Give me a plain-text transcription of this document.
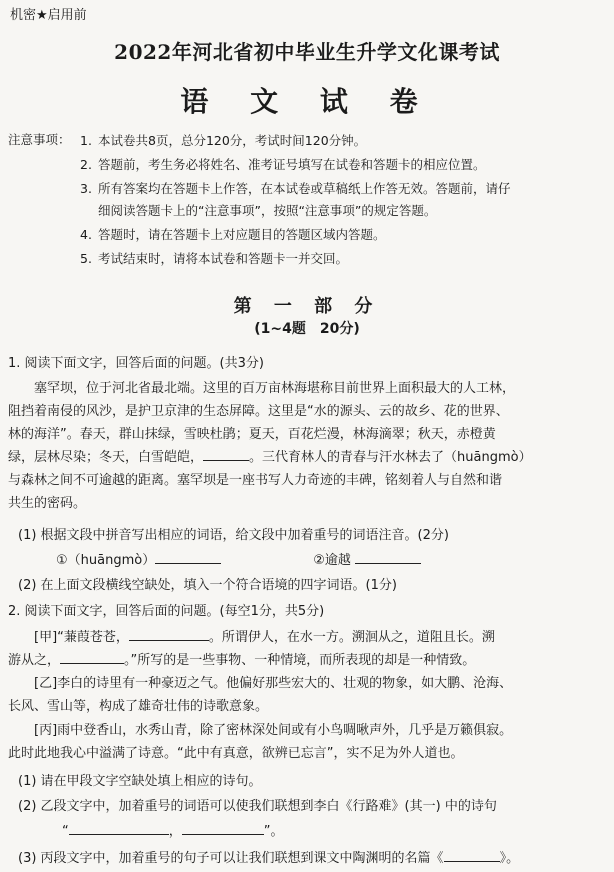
机密★启用前
2022年河北省初中毕业生升学文化课考试
语 文 试 卷
注意事项： 1. 本试卷共8页，总分120分，考试时间120分钟。
2. 答题前，考生务必将姓名、准考证号填写在试卷和答题卡的相应位置。
3. 所有答案均在答题卡上作答，在本试卷或草稿纸上作答无效。答题前，请仔
细阅读答题卡上的“注意事项”，按照“注意事项”的规定答题。
4. 答题时，请在答题卡上对应题目的答题区域内答题。
5. 考试结束时，请将本试卷和答题卡一并交回。
第 一 部 分
(1~4题　20分)
1. 阅读下面文字，回答后面的问题。(共3分)
塞罕坝，位于河北省最北端。这里的百万亩林海堪称目前世界上面积最大的人工林，
阻挡着南侵的风沙，是护卫京津的生态屏障。这里是“水的源头、云的故乡、花的世界、
林的海洋”。春天，群山抹绿，雪映杜鹃；夏天，百花烂漫，林海滴翠；秋天，赤橙黄
绿，层林尽染；冬天，白雪皑皑，	。三代育林人的青春与汗水林去了（huāngmò）
与森林之间不可逾越的距离。塞罕坝是一座书写人力奇迹的丰碑，铭刻着人与自然和谐
共生的密码。
(1) 根据文段中拼音写出相应的词语，给文段中加着重号的词语注音。(2分)
①（huāngmò）	②逾越
(2) 在上面文段横线空缺处，填入一个符合语境的四字词语。(1分)
2. 阅读下面文字，回答后面的问题。(每空1分，共5分)
[甲]“蒹葭苍苍，	。所谓伊人，在水一方。溯洄从之，道阻且长。溯
游从之，	。”所写的是一些事物、一种情境，而所表现的却是一种情致。
[乙]李白的诗里有一种豪迈之气。他偏好那些宏大的、壮观的物象，如大鹏、沧海、
长风、雪山等，构成了雄奇壮伟的诗歌意象。
[丙]雨中登香山，水秀山青，除了密林深处间或有小鸟啁啾声外，几乎是万籁俱寂。
此时此地我心中溢满了诗意。“此中有真意，欲辨已忘言”，实不足为外人道也。
(1) 请在甲段文字空缺处填上相应的诗句。
(2) 乙段文字中，加着重号的词语可以使我们联想到李白《行路难》(其一) 中的诗句
“	，	”。
(3) 丙段文字中，加着重号的句子可以让我们联想到课文中陶渊明的名篇《	》。
